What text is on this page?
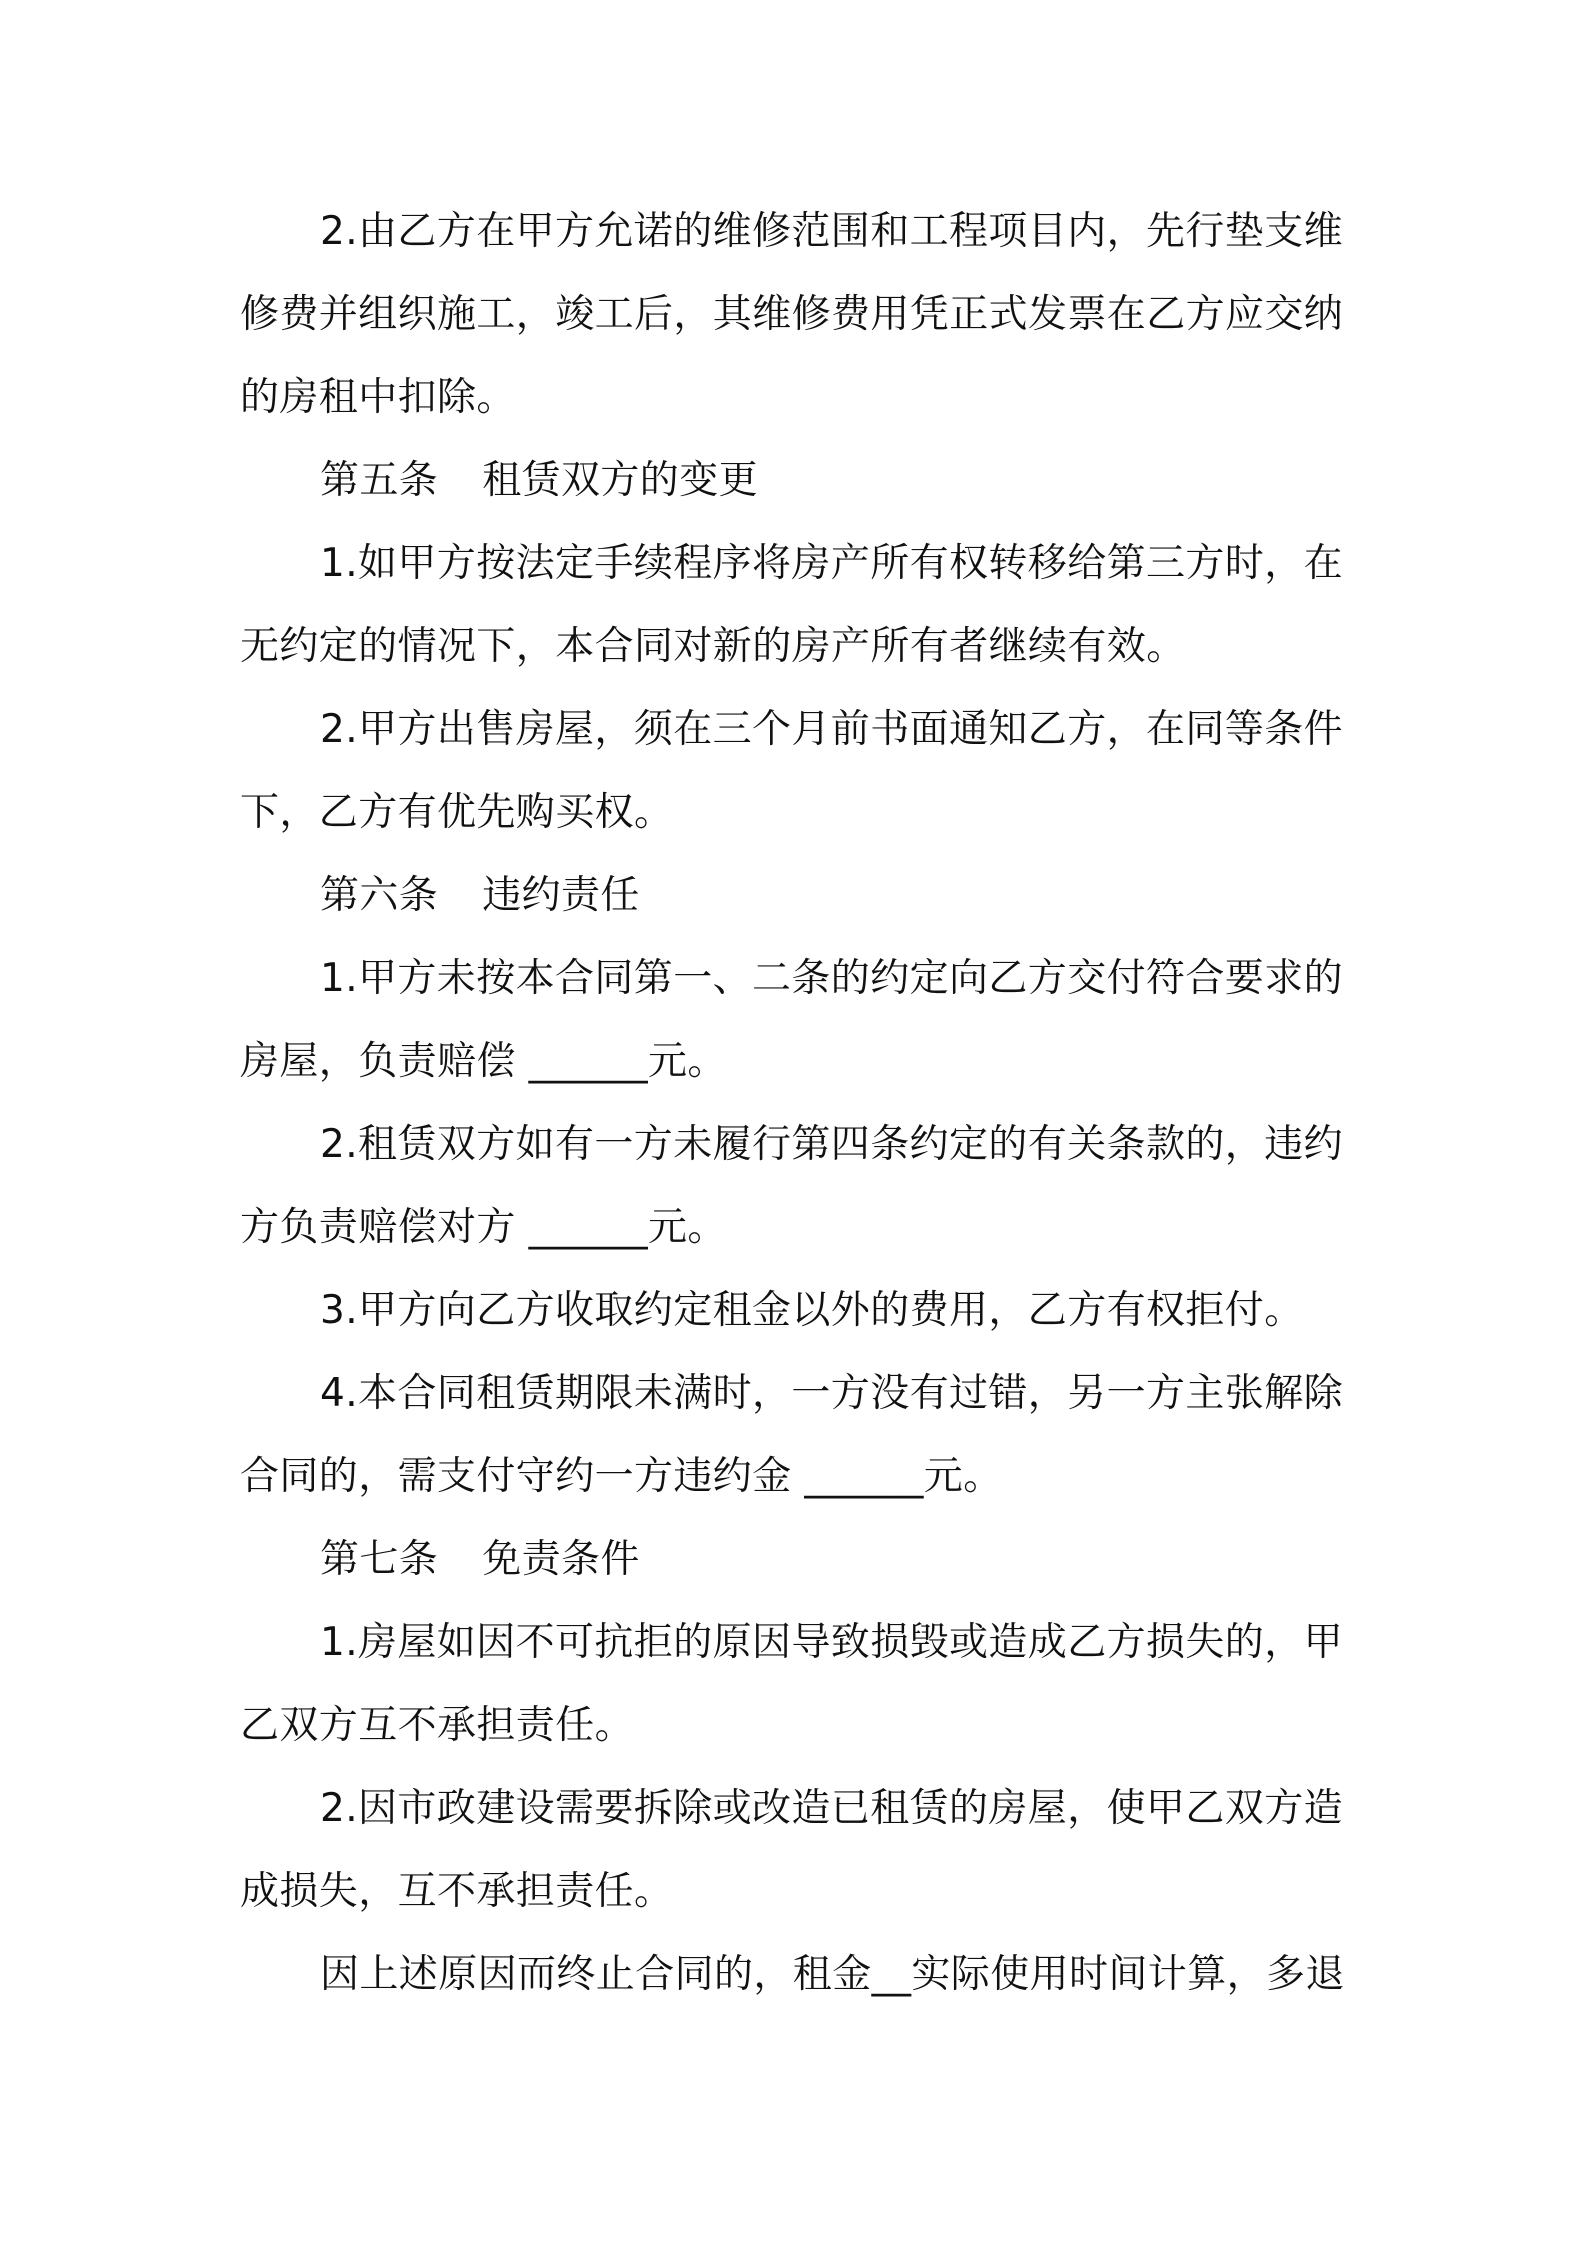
2.由乙方在甲方允诺的维修范围和工程项目内，先行垫支维
修费并组织施工，竣工后，其维修费用凭正式发票在乙方应交纳
的房租中扣除。
第五条 租赁双方的变更
1.如甲方按法定手续程序将房产所有权转移给第三方时，在
无约定的情况下，本合同对新的房产所有者继续有效。
2.甲方出售房屋，须在三个月前书面通知乙方，在同等条件
下，乙方有优先购买权。
第六条 违约责任
1.甲方未按本合同第一、二条的约定向乙方交付符合要求的
房屋，负责赔偿 ______元。
2.租赁双方如有一方未履行第四条约定的有关条款的，违约
方负责赔偿对方 ______元。
3.甲方向乙方收取约定租金以外的费用，乙方有权拒付。
4.本合同租赁期限未满时，一方没有过错，另一方主张解除
合同的，需支付守约一方违约金 ______元。
第七条 免责条件
1.房屋如因不可抗拒的原因导致损毁或造成乙方损失的，甲
乙双方互不承担责任。
2.因市政建设需要拆除或改造已租赁的房屋，使甲乙双方造
成损失，互不承担责任。
因上述原因而终止合同的，租金__实际使用时间计算，多退
